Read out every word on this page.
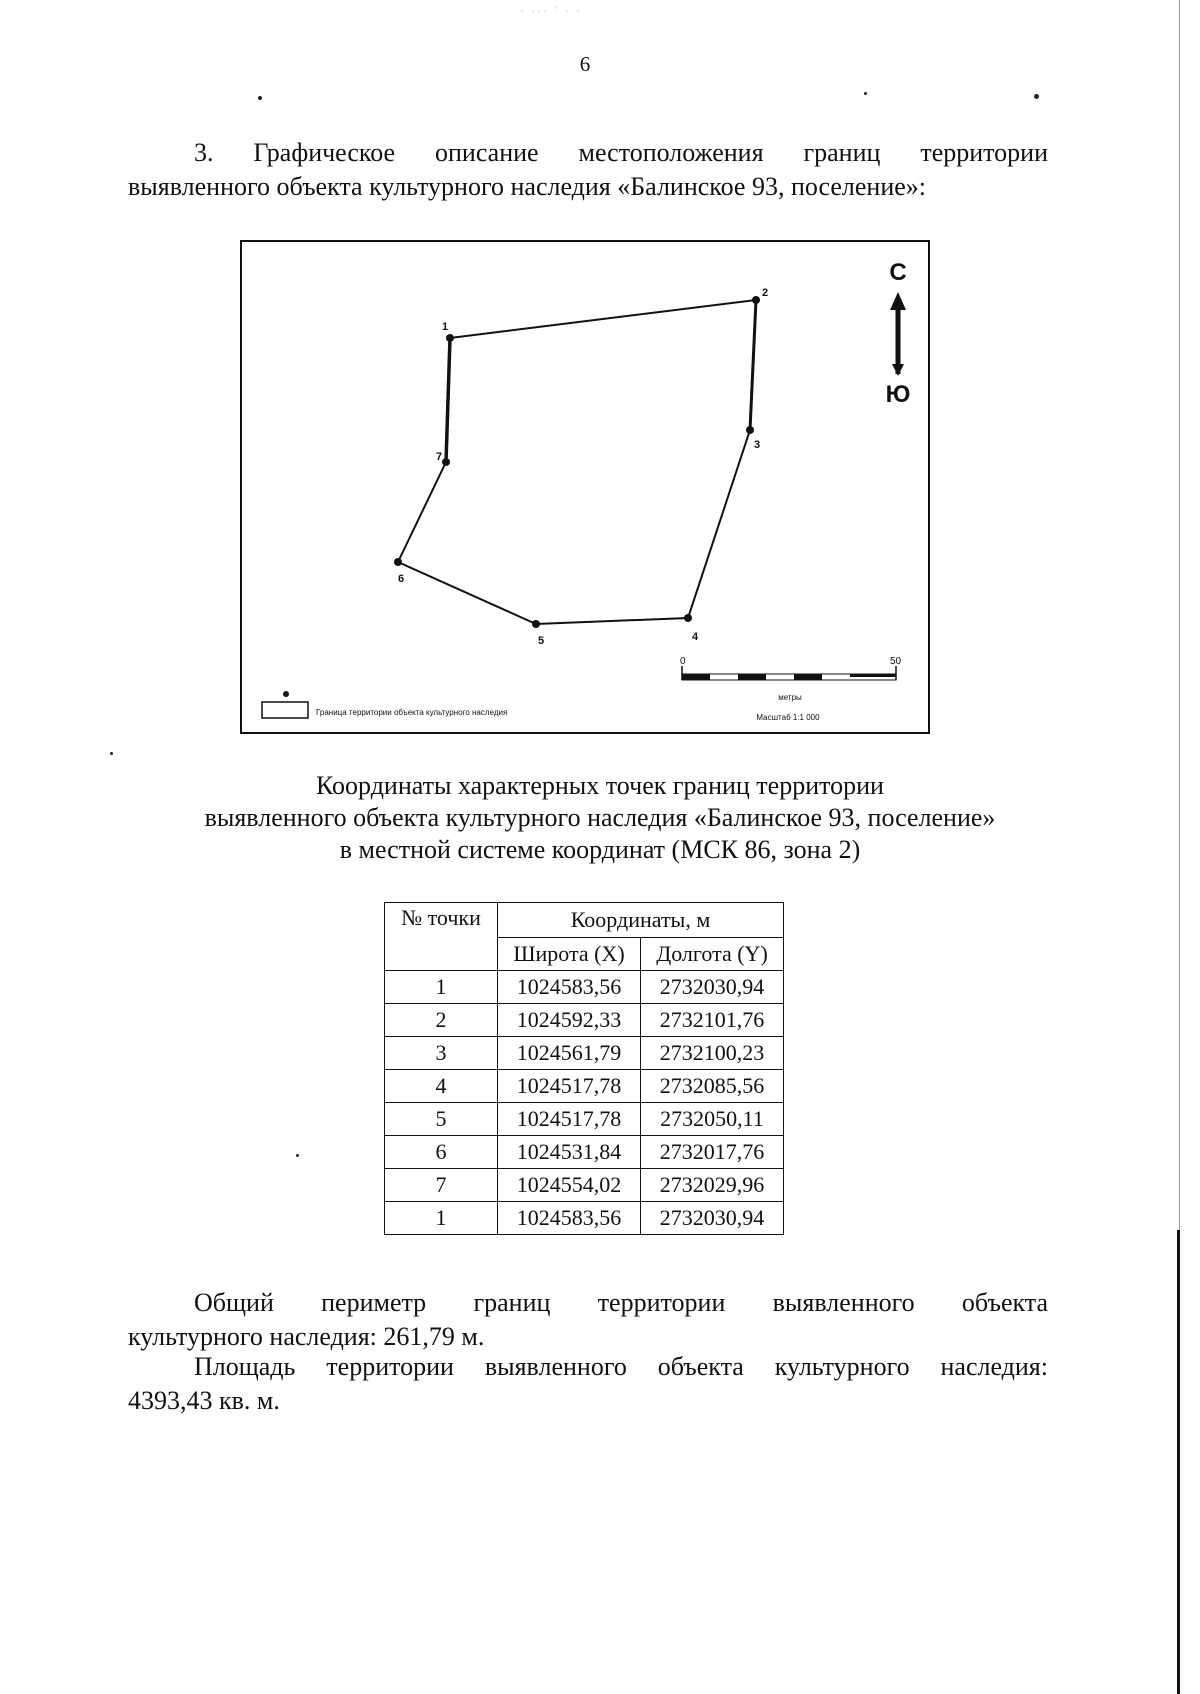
· ··· ˙ · ·
6
3. Графическое описание местоположения границ территории
выявленного объекта культурного наследия «Балинское 93, поселение»:
1
2
3
4
5
6
7
С
Ю
0	50
метры
Масштаб 1:1 000
Граница территории объекта культурного наследия
Координаты характерных точек границ территории
выявленного объекта культурного наследия «Балинское 93, поселение»
в местной системе координат (МСК 86, зона 2)
№ точки	Координаты, м	
	Широта (X)	Долгота (Y)
1	1024583,56	2732030,94
2	1024592,33	2732101,76
3	1024561,79	2732100,23
4	1024517,78	2732085,56
5	1024517,78	2732050,11
6	1024531,84	2732017,76
7	1024554,02	2732029,96
1	1024583,56	2732030,94
Общий периметр границ территории выявленного объекта
культурного наследия: 261,79 м.
Площадь территории выявленного объекта культурного наследия:
4393,43 кв. м.
